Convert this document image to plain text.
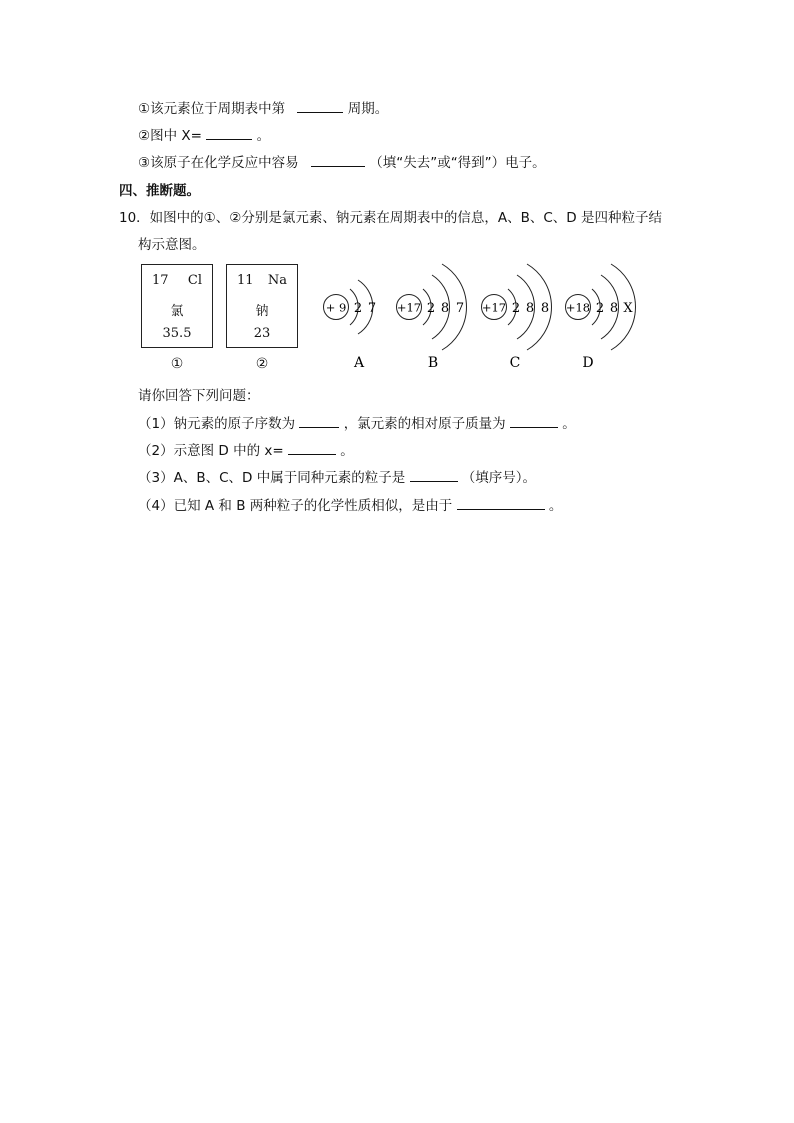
①该元素位于周期表中第	周期。
②图中 X=	。
③该原子在化学反应中容易	（填“失去”或“得到”）电子。
四、推断题。
10．如图中的①、②分别是氯元素、钠元素在周期表中的信息，A、B、C、D 是四种粒子结
构示意图。
17 Cl
氯
35.5
①
11 Na
钠
23
②
+ 9 2 7
A
+17 2 8 7
B
+17 2 8 8
C
+18 2 8 X
D
请你回答下列问题：
（1）钠元素的原子序数为	，氯元素的相对原子质量为	。
（2）示意图 D 中的 x=	。
（3）A、B、C、D 中属于同种元素的粒子是	（填序号）。
（4）已知 A 和 B 两种粒子的化学性质相似，是由于	。
